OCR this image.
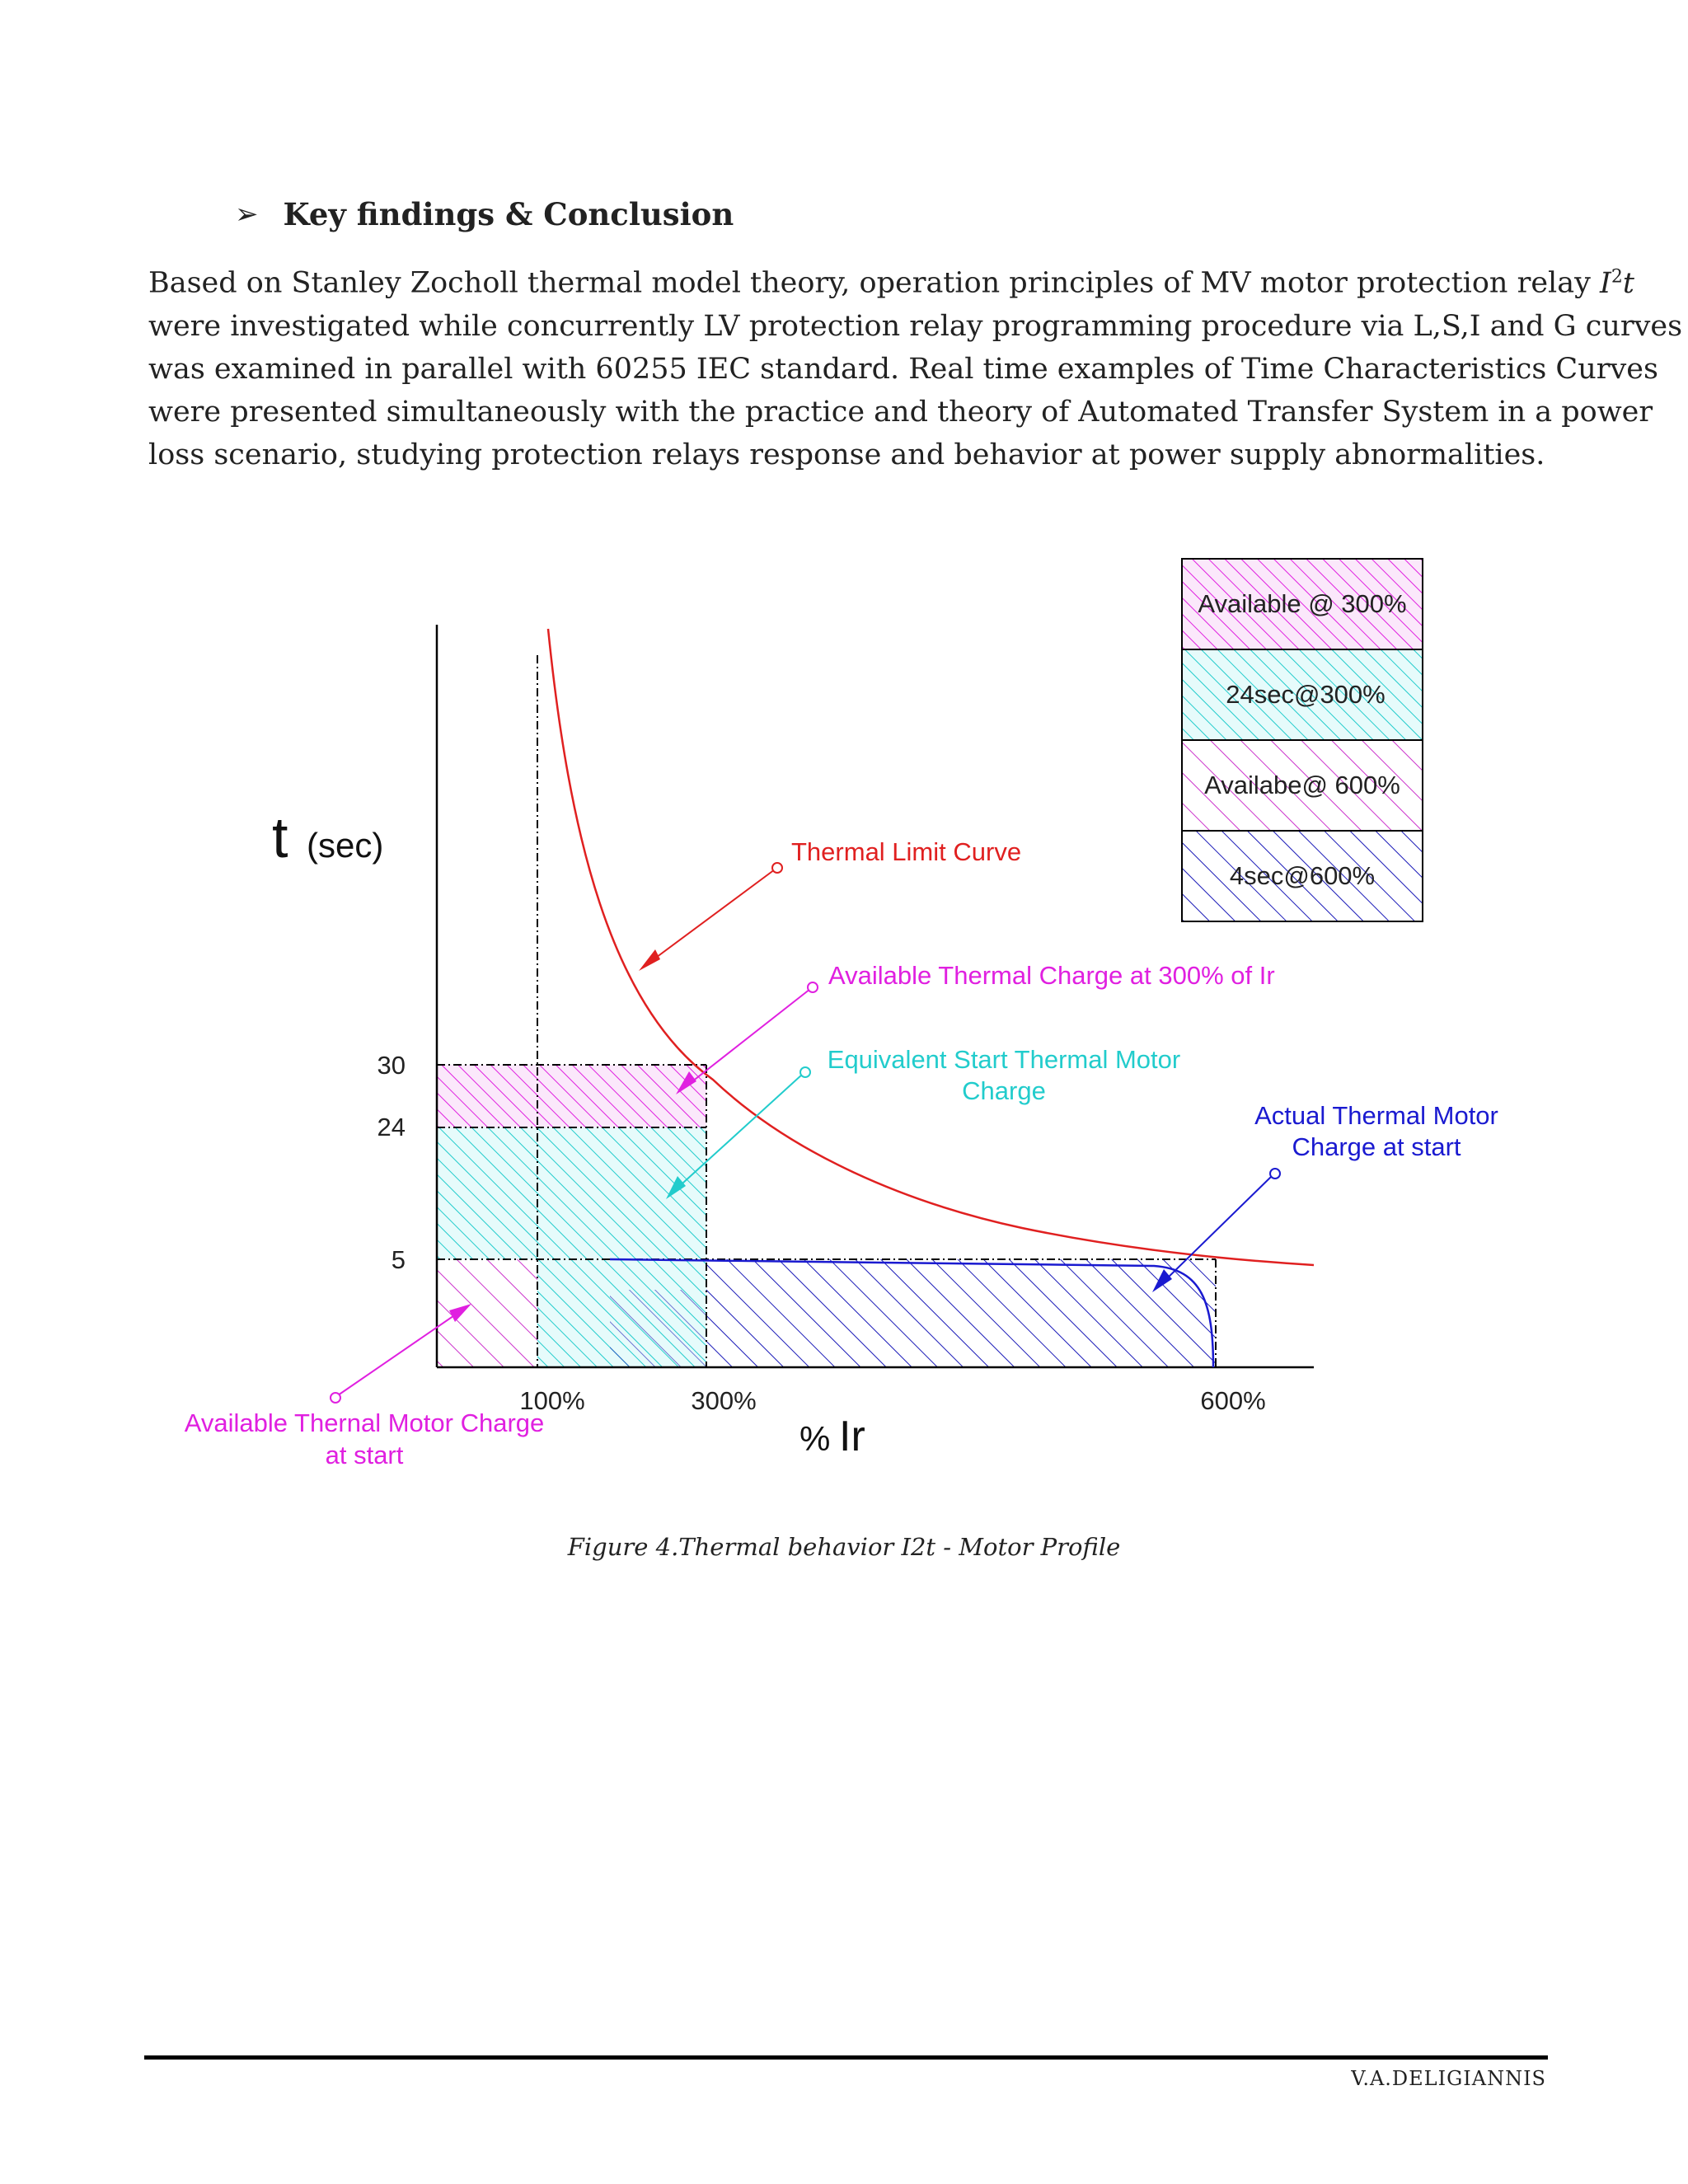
➢ Key findings & Conclusion
Based on Stanley Zocholl thermal model theory, operation principles of MV motor protection relay $I^2t$
were investigated while concurrently LV protection relay programming procedure via L,S,I and G curves
was examined in parallel with 60255 IEC standard. Real time examples of Time Characteristics Curves
were presented simultaneously with the practice and theory of Automated Transfer System in a power
loss scenario, studying protection relays response and behavior at power supply abnormalities.
Available @ 300%
24sec@300%
Availabe@ 600%
4sec@600%
t (sec)
% Ir
30
24
5
100%	300%	600%
Thermal Limit Curve
Available Thermal Charge at 300% of Ir
Equivalent Start Thermal Motor
Charge
Actual Thermal Motor
Charge at start
Available Thernal Motor Charge
at start
Figure 4.Thermal behavior I2t - Motor Profile
V.A.DELIGIANNIS
